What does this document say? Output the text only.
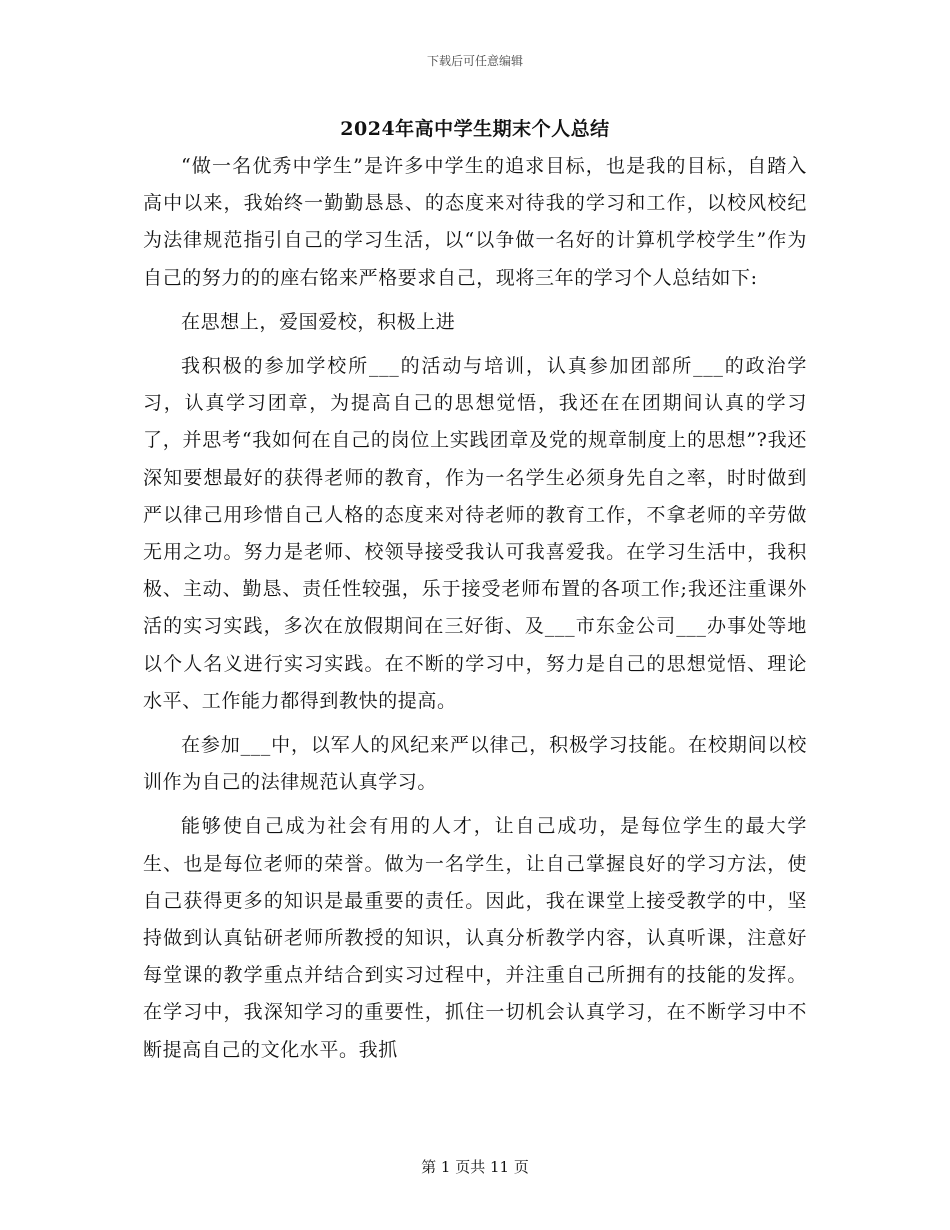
下载后可任意编辑
2024年高中学生期末个人总结

“做一名优秀中学生”是许多中学生的追求目标，也是我的目标，自踏入高中以来，我始终一勤勤恳恳、的态度来对待我的学习和工作，以校风校纪为法律规范指引自己的学习生活，以“以争做一名好的计算机学校学生”作为自己的努力的的座右铭来严格要求自己，现将三年的学习个人总结如下:

在思想上，爱国爱校，积极上进

我积极的参加学校所___的活动与培训，认真参加团部所___的政治学习，认真学习团章，为提高自己的思想觉悟，我还在在团期间认真的学习了，并思考“我如何在自己的岗位上实践团章及党的规章制度上的思想”?我还深知要想最好的获得老师的教育，作为一名学生必须身先自之率，时时做到严以律己用珍惜自己人格的态度来对待老师的教育工作，不拿老师的辛劳做无用之功。努力是老师、校领导接受我认可我喜爱我。在学习生活中，我积极、主动、勤恳、责任性较强，乐于接受老师布置的各项工作;我还注重课外活的实习实践，多次在放假期间在三好街、及___市东金公司___办事处等地以个人名义进行实习实践。在不断的学习中，努力是自己的思想觉悟、理论水平、工作能力都得到教快的提高。

在参加___中，以军人的风纪来严以律己，积极学习技能。在校期间以校训作为自己的法律规范认真学习。

能够使自己成为社会有用的人才，让自己成功，是每位学生的最大学生、也是每位老师的荣誉。做为一名学生，让自己掌握良好的学习方法，使自己获得更多的知识是最重要的责任。因此，我在课堂上接受教学的中，坚持做到认真钻研老师所教授的知识，认真分析教学内容，认真听课，注意好每堂课的教学重点并结合到实习过程中，并注重自己所拥有的技能的发挥。在学习中，我深知学习的重要性，抓住一切机会认真学习，在不断学习中不断提高自己的文化水平。我抓

第 1 页共 11 页
